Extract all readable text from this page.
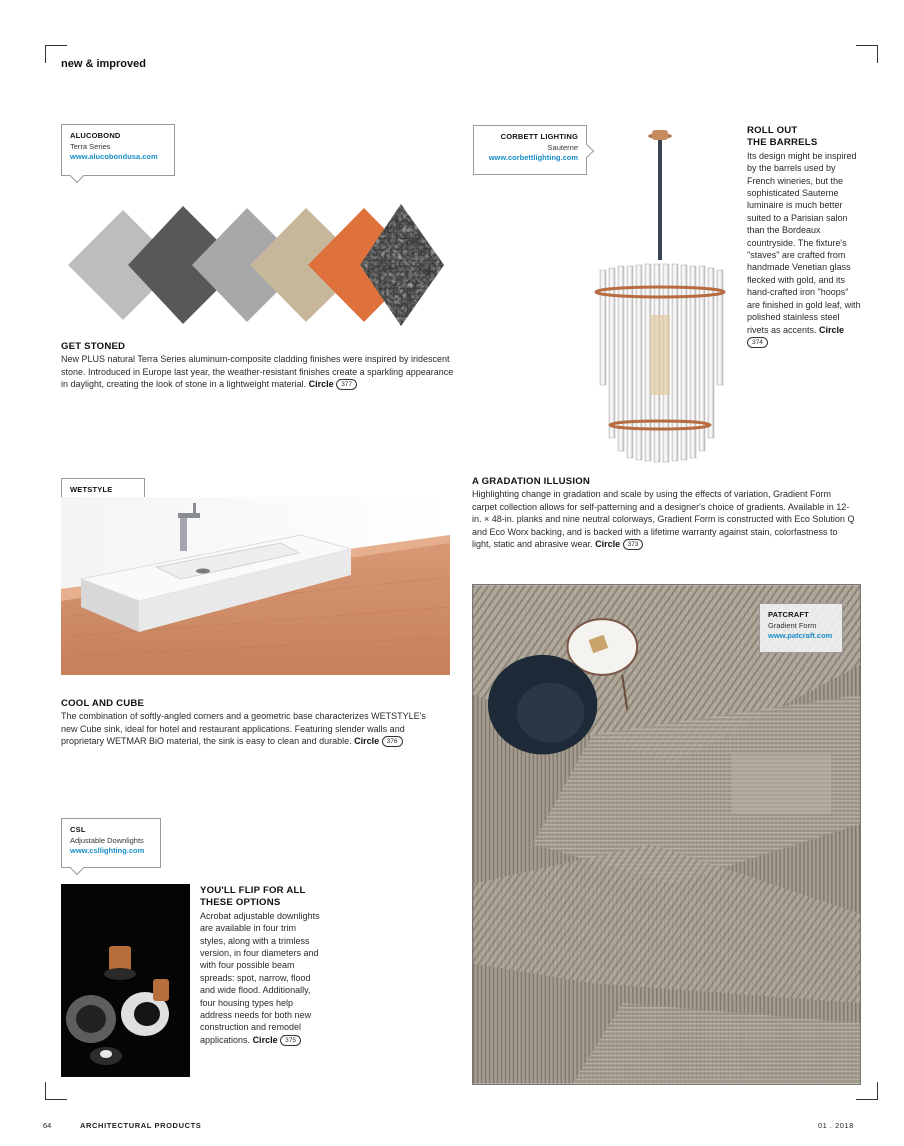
new & improved
ALUCOBOND
Terra Series
www.alucobondusa.com
GET STONED
New PLUS natural Terra Series aluminum-composite cladding finishes were inspired by iridescent stone. Introduced in Europe last year, the weather-resistant finishes create a sparkling appearance in daylight, creating the look of stone in a lightweight material. Circle 377
CORBETT LIGHTING
Sauterne
www.corbettlighting.com
ROLL OUT
THE BARRELS
Its design might be inspired by the barrels used by French wineries, but the sophisticated Sauterne luminaire is much better suited to a Parisian salon than the Bordeaux countryside. The fixture's "staves" are crafted from handmade Venetian glass flecked with gold, and its hand-crafted iron "hoops" are finished in gold leaf, with polished stainless steel rivets as accents. Circle 374
WETSTYLE
COOL AND CUBE
The combination of softly-angled corners and a geometric base characterizes WETSTYLE's new Cube sink, ideal for hotel and restaurant applications. Featuring slender walls and proprietary WETMAR BiO material, the sink is easy to clean and durable. Circle 376
A GRADATION ILLUSION
Highlighting change in gradation and scale by using the effects of variation, Gradient Form carpet collection allows for self-patterning and a designer's choice of gradients. Available in 12-in. × 48-in. planks and nine neutral colorways, Gradient Form is constructed with Eco Solution Q and Eco Worx backing, and is backed with a lifetime warranty against stain, colorfastness to light, static and abrasive wear. Circle 373
PATCRAFT
Gradient Form
www.patcraft.com
CSL
Adjustable Downlights
www.csllighting.com
YOU'LL FLIP FOR ALL
THESE OPTIONS
Acrobat adjustable downlights are available in four trim styles, along with a trimless version, in four diameters and with four possible beam spreads: spot, narrow, flood and wide flood. Additionally, four housing types help address needs for both new construction and remodel applications. Circle 375
64	ARCHITECTURAL PRODUCTS	01 . 2018
